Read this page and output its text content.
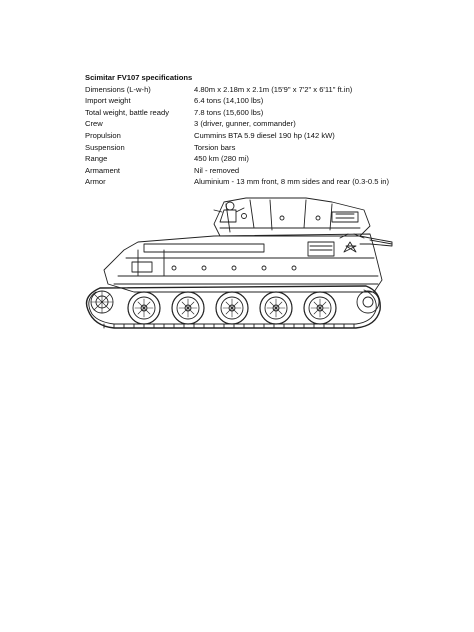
Scimitar FV107 specifications
Dimensions (L-w-h)	4.80m x 2.18m x 2.1m (15'9" x 7'2" x 6'11" ft.in)
Import weight	6.4 tons (14,100 lbs)
Total weight, battle ready	7.8 tons (15,600 lbs)
Crew	3 (driver, gunner, commander)
Propulsion	Cummins BTA 5.9 diesel 190 hp (142 kW)
Suspension	Torsion bars
Range	450 km (280 mi)
Armament	Nil - removed
Armor	Aluminium - 13 mm front, 8 mm sides and rear (0.3-0.5 in)
